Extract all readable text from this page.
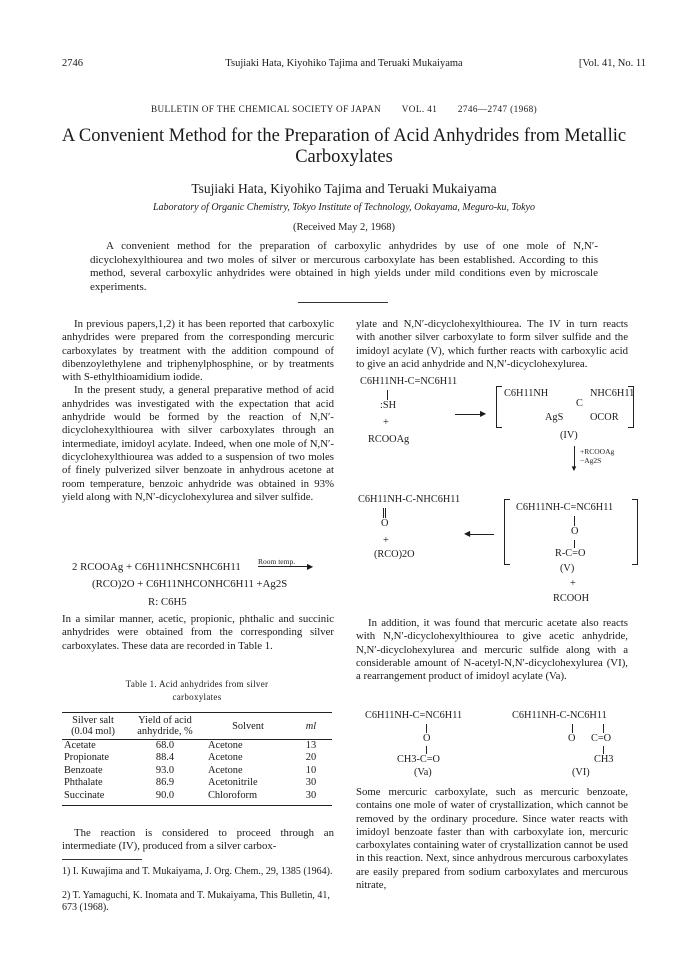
2746	Tsujiaki Hata, Kiyohiko Tajima and Teruaki Mukaiyama	[Vol. 41, No. 11
BULLETIN OF THE CHEMICAL SOCIETY OF JAPAN VOL. 41 2746—2747 (1968)
A Convenient Method for the Preparation of Acid Anhydrides from Metallic Carboxylates
Tsujiaki Hata, Kiyohiko Tajima and Teruaki Mukaiyama
Laboratory of Organic Chemistry, Tokyo Institute of Technology, Ookayama, Meguro-ku, Tokyo
(Received May 2, 1968)

A convenient method for the preparation of carboxylic anhydrides by use of one mole of N,N′-dicyclohexylthiourea and two moles of silver or mercurous carboxylate has been established. According to this method, several carboxylic anhydrides were obtained in high yields under mild conditions even by microscale experiments.

In previous papers,1,2) it has been reported that carboxylic anhydrides were prepared from the corresponding mercuric carboxylates by treatment with the addition compound of dibenzoylethylene and triphenylphosphine, or by treatments with S-ethylthioamidium iodide.

In the present study, a general preparative method of acid anhydrides was investigated with the expectation that acid anhydride would be formed by the reaction of N,N′-dicyclohexylthiourea with silver carboxylates through an intermediate, imidoyl acylate. Indeed, when one mole of N,N′-dicyclohexylthiourea was added to a suspension of two moles of finely pulverized silver benzoate in anhydrous acetone at room temperature, benzoic anhydride was obtained in 93% yield along with N,N′-dicyclohexylurea and silver sulfide.

Room temp.
▶
2 RCOOAg + C6H11NHCSNHC6H11
(RCO)2O + C6H11NHCONHC6H11 +Ag2S
R: C6H5

In a similar manner, acetic, propionic, phthalic and succinic anhydrides were obtained from the corresponding silver carboxylates. These data are recorded in Table 1.

Table 1. Acid anhydrides from silver
carboxylates
Silver salt (0.04 mol)	Yield of acid anhydride, %	Solvent	ml
Acetate	68.0	Acetone	13
Propionate	88.4	Acetone	20
Benzoate	93.0	Acetone	10
Phthalate	86.9	Acetonitrile	30
Succinate	90.0	Chloroform	30

The reaction is considered to proceed through an intermediate (IV), produced from a silver carbox-

1) I. Kuwajima and T. Mukaiyama, J. Org. Chem., 29, 1385 (1964).
2) T. Yamaguchi, K. Inomata and T. Mukaiyama, This Bulletin, 41, 673 (1968).

ylate and N,N′-dicyclohexylthiourea. The IV in turn reacts with another silver carboxylate to form silver sulfide and the imidoyl acylate (V), which further reacts with carboxylic acid to give an acid anhydride and N,N′-dicyclohexylurea.

C6H11NH-C=NC6H11
:SH
+
RCOOAg
▶
C6H11NH
C
NHC6H11
AgS	OCOR
(IV)
▼
+RCOOAg
−Ag2S
C6H11NH-C-NHC6H11
O
+
(RCO)2O
◀
C6H11NH-C=NC6H11
O
R-C=O
(V)
+
RCOOH

In addition, it was found that mercuric acetate also reacts with N,N′-dicyclohexylthiourea to give acetic anhydride, N,N′-dicyclohexylurea and mercuric sulfide along with a considerable amount of N-acetyl-N,N′-dicyclohexylurea (VI), a rearrangement product of imidoyl acylate (Va).

C6H11NH-C=NC6H11
O
CH3-C=O
(Va)
C6H11NH-C-NC6H11
O C=O
CH3
(VI)

Some mercuric carboxylate, such as mercuric benzoate, contains one mole of water of crystallization, which cannot be removed by the ordinary procedure. Since water reacts with imidoyl benzoate faster than with carboxylate ion, mercuric carboxylates containing water of crystallization cannot be used in this reaction. Next, since anhydrous mercurous carboxylates are easily prepared from sodium carboxylates and mercurous nitrate,
